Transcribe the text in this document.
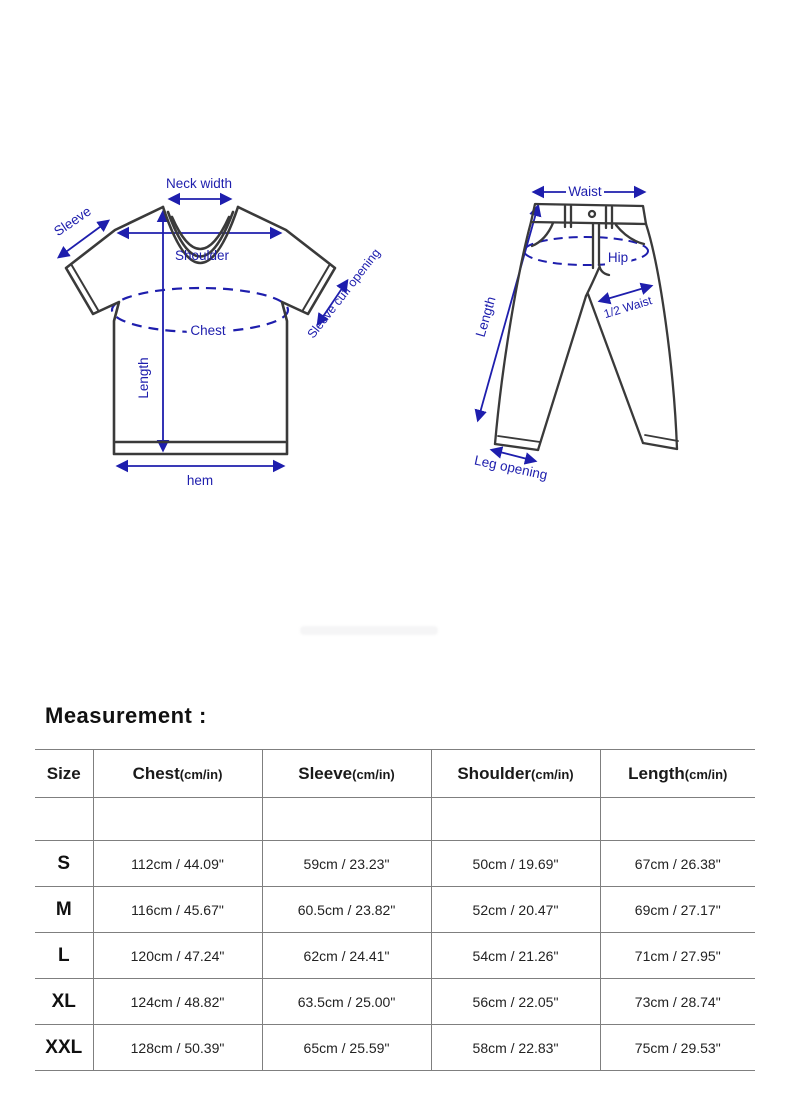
Neck width
Sleeve
Shoulder
Chest
Length
Sleeve cuff opening
hem
Waist
Hip
Length	1/2 Waist
Leg opening
Measurement :
Size	Chest(cm/in)	Sleeve(cm/in)	Shoulder(cm/in)	Length(cm/in)

S	112cm / 44.09"	59cm / 23.23"	50cm / 19.69"	67cm / 26.38"
M	116cm / 45.67"	60.5cm / 23.82"	52cm / 20.47"	69cm / 27.17"
L	120cm / 47.24"	62cm / 24.41"	54cm / 21.26"	71cm / 27.95"
XL	124cm / 48.82"	63.5cm / 25.00"	56cm / 22.05"	73cm / 28.74"
XXL	128cm / 50.39"	65cm / 25.59"	58cm / 22.83"	75cm / 29.53"
